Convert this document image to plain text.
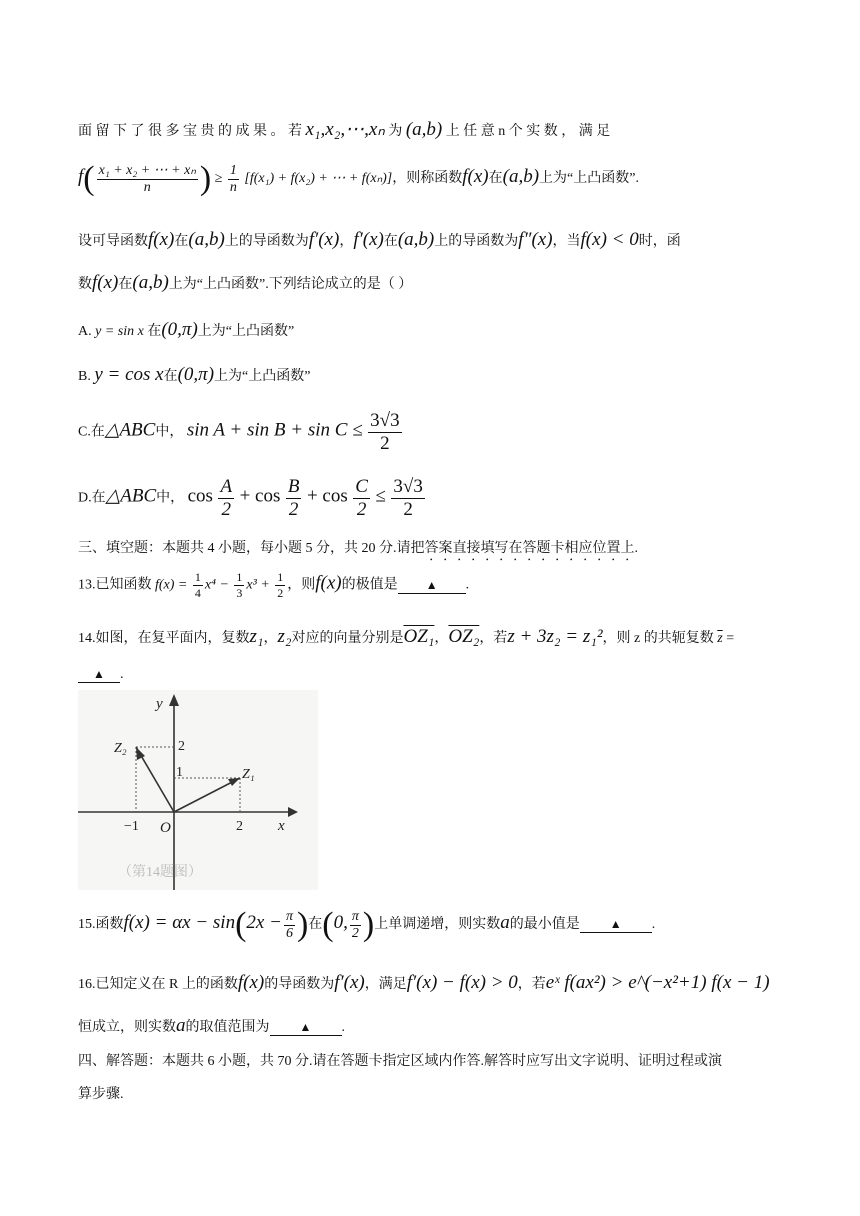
面 留 下 了 很 多 宝 贵 的 成 果 。 若 x₁,x₂,⋯,xₙ 为 (a,b) 上 任 意 n 个 实 数 ， 满 足
$f( \frac{\text{x₁ + x₂ + ⋯ + xₙ}}{n}$ ) ≥ $\frac{1}{n} [f(x_1) + f(x_2)$ + ⋯ + f(xₙ)]，则称函数f(x)在(a,b)上为“上凸函数”.
设可导函数f(x)在(a,b)上的导函数为f′(x)，f′(x)在(a,b)上的导函数为f″(x)，当f(x) < 0时，函
数f(x)在(a,b)上为“上凸函数”.下列结论成立的是（ ）
A. y = sin x 在(0,π)上为“上凸函数”
B. y = cos x在(0,π)上为“上凸函数”
C.在△ABC中， $\sin A + \sin B + \sin C \le \frac{3√3}{2}$
D.在△ABC中， $\cos \frac{A}{2} + \cos \frac{B}{2} + \cos \frac{C}{2} \le \frac{3√3}{2}$
三、填空题：本题共 4 小题，每小题 5 分，共 20 分.请把答案直接填写在答题卡相应位置上.
13.已知函数 $f(x) = \frac{1}{4} x^4 - \frac{1}{3} x^3 + \frac{1}{2}$ ，则f(x)的极值是 ▲ .
14.如图，在复平面内，复数z₁，z₂对应的向量分别是OZ₁，OZ₂，若z + 3z₂ = z₁²，则 z 的共轭复数 $\overline{z}$ =
▲ .
y
x
O
Z₂
Z₁
2
1
−1	2
（第14题图）
15.函数$f(x) = \alpha x - \sin(2x - \frac{\pi}{6}$ )在(0, $\frac{\pi}{2}$ )上单调递增，则实数a的最小值是	▲ .
16.已知定义在 R 上的函数f(x)的导函数为f′(x)，满足f′(x) − f(x) > 0，若eˣ f(ax²) > e^(−x²+1) f(x − 1)
恒成立，则实数a的取值范围为	▲ .
四、解答题：本题共 6 小题，共 70 分.请在答题卡指定区域内作答.解答时应写出文字说明、证明过程或演
算步骤.
